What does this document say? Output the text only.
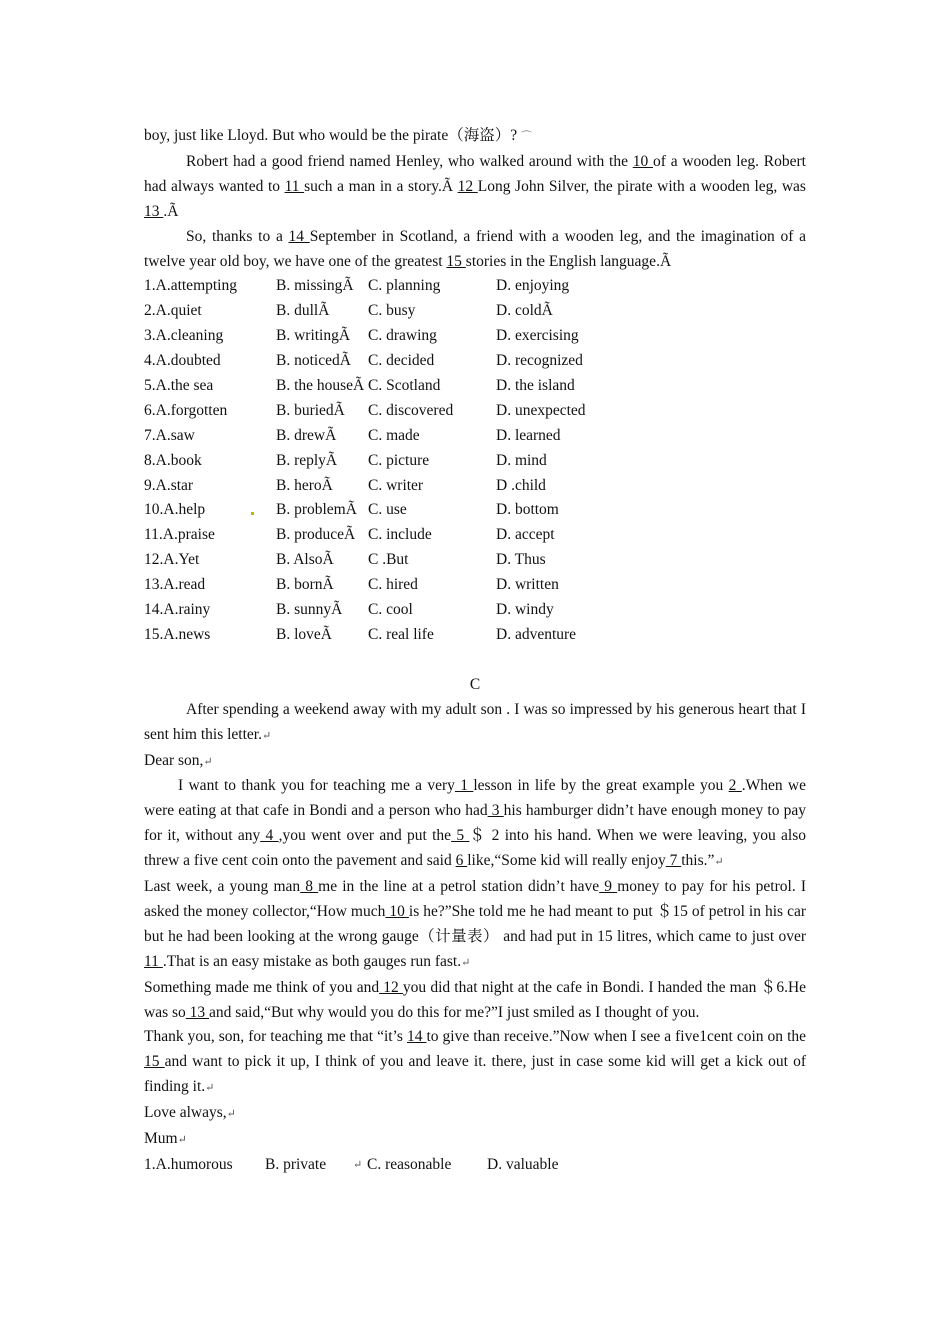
boy, just like Lloyd. But who would be the pirate（海盗）? ⌒

Robert had a good friend named Henley, who walked around with the 10 of a wooden leg. Robert had always wanted to 11 such a man in a story.Ã 12 Long John Silver, the pirate with a wooden leg, was 13 .Ã

So, thanks to a 14 September in Scotland, a friend with a wooden leg, and the imagination of a twelve year old boy, we have one of the greatest 15 stories in the English language.Ã

1.A.attempting	B. missingÃ C. planning	D. enjoying
2.A.quiet	B. dullÃ	C. busy	D. coldÃ
3.A.cleaning	B. writingÃ	C. drawing	D. exercising
4.A.doubted	B. noticedÃ	C. decided	D. recognized
5.A.the sea	B. the houseÃ C. Scotland	D. the island
6.A.forgotten	B. buriedÃ	C. discovered	D. unexpected
7.A.saw	B. drewÃ	C. made	D. learned
8.A.book	B. replyÃ	C. picture	D. mind
9.A.star	B. heroÃ	C. writer	D .child
10.A.help	B. problemÃ C. use	D. bottom
11.A.praise	B. produceÃ C. include	D. accept
12.A.Yet	B. AlsoÃ	C .But	D. Thus
13.A.read	B. bornÃ	C. hired	D. written
14.A.rainy	B. sunnyÃ	C. cool	D. windy
15.A.news	B. loveÃ	C. real life	D. adventure

C

After spending a weekend away with my adult son . I was so impressed by his generous heart that I sent him this letter.↵

Dear son,↵

I want to thank you for teaching me a very 1 lesson in life by the great example you 2 .When we were eating at that cafe in Bondi and a person who had 3 his hamburger didn’t have enough money to pay for it, without any 4 ,you went over and put the 5 ＄ 2 into his hand. When we were leaving, you also threw a five cent coin onto the pavement and said 6 like,“Some kid will really enjoy 7 this.”↵

Last week, a young man 8 me in the line at a petrol station didn’t have 9 money to pay for his petrol. I asked the money collector,“How much 10 is he?”She told me he had meant to put ＄15 of petrol in his car but he had been looking at the wrong gauge（计量表） and had put in 15 litres, which came to just over 11 .That is an easy mistake as both gauges run fast.↵

Something made me think of you and 12 you did that night at the cafe in Bondi. I handed the man ＄6.He was so 13 and said,“But why would you do this for me?”I just smiled as I thought of you.

Thank you, son, for teaching me that “it’s 14 to give than receive.”Now when I see a five1cent coin on the 15 and want to pick it up, I think of you and leave it. there, just in case some kid will get a kick out of finding it.↵

Love always,↵

Mum↵

1.A.humorous	B. private	↵ C. reasonable	D. valuable
